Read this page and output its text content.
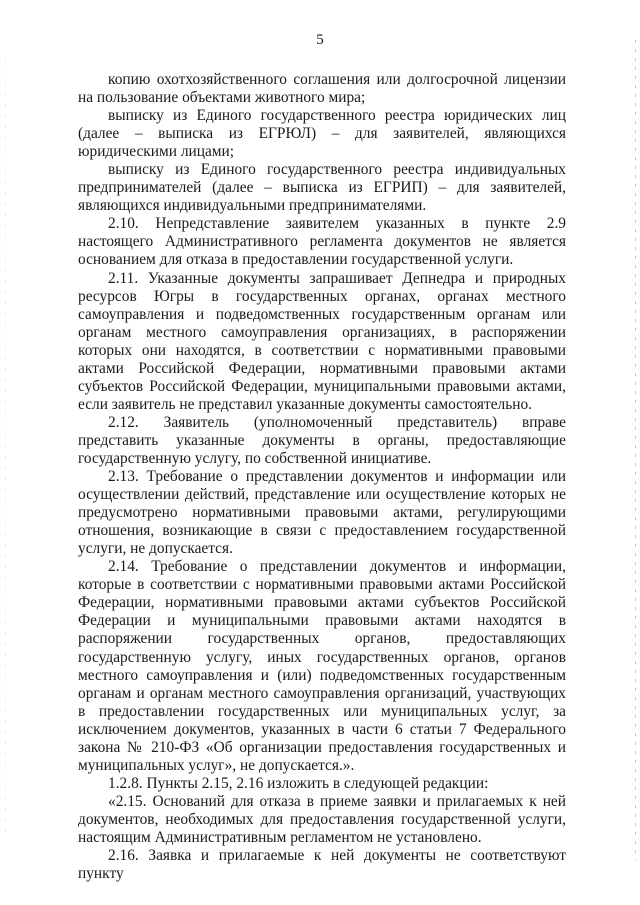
5

копию охотхозяйственного соглашения или долгосрочной лицензии на пользование объектами животного мира;

выписку из Единого государственного реестра юридических лиц (далее – выписка из ЕГРЮЛ) – для заявителей, являющихся юридическими лицами;

выписку из Единого государственного реестра индивидуальных предпринимателей (далее – выписка из ЕГРИП) – для заявителей, являющихся индивидуальными предпринимателями.

2.10. Непредставление заявителем указанных в пункте 2.9 настоящего Административного регламента документов не является основанием для отказа в предоставлении государственной услуги.

2.11. Указанные документы запрашивает Депнедра и природных ресурсов Югры в государственных органах, органах местного самоуправления и подведомственных государственным органам или органам местного самоуправления организациях, в распоряжении которых они находятся, в соответствии с нормативными правовыми актами Российской Федерации, нормативными правовыми актами субъектов Российской Федерации, муниципальными правовыми актами, если заявитель не представил указанные документы самостоятельно.

2.12. Заявитель (уполномоченный представитель) вправе представить указанные документы в органы, предоставляющие государственную услугу, по собственной инициативе.

2.13. Требование о представлении документов и информации или осуществлении действий, представление или осуществление которых не предусмотрено нормативными правовыми актами, регулирующими отношения, возникающие в связи с предоставлением государственной услуги, не допускается.

2.14. Требование о представлении документов и информации, которые в соответствии с нормативными правовыми актами Российской Федерации, нормативными правовыми актами субъектов Российской Федерации и муниципальными правовыми актами находятся в распоряжении государственных органов, предоставляющих государственную услугу, иных государственных органов, органов местного самоуправления и (или) подведомственных государственным органам и органам местного самоуправления организаций, участвующих в предоставлении государственных или муниципальных услуг, за исключением документов, указанных в части 6 статьи 7 Федерального закона № 210-ФЗ «Об организации предоставления государственных и муниципальных услуг», не допускается.».

1.2.8. Пункты 2.15, 2.16 изложить в следующей редакции:

«2.15. Оснований для отказа в приеме заявки и прилагаемых к ней документов, необходимых для предоставления государственной услуги, настоящим Административным регламентом не установлено.

2.16. Заявка и прилагаемые к ней документы не соответствуют пункту
